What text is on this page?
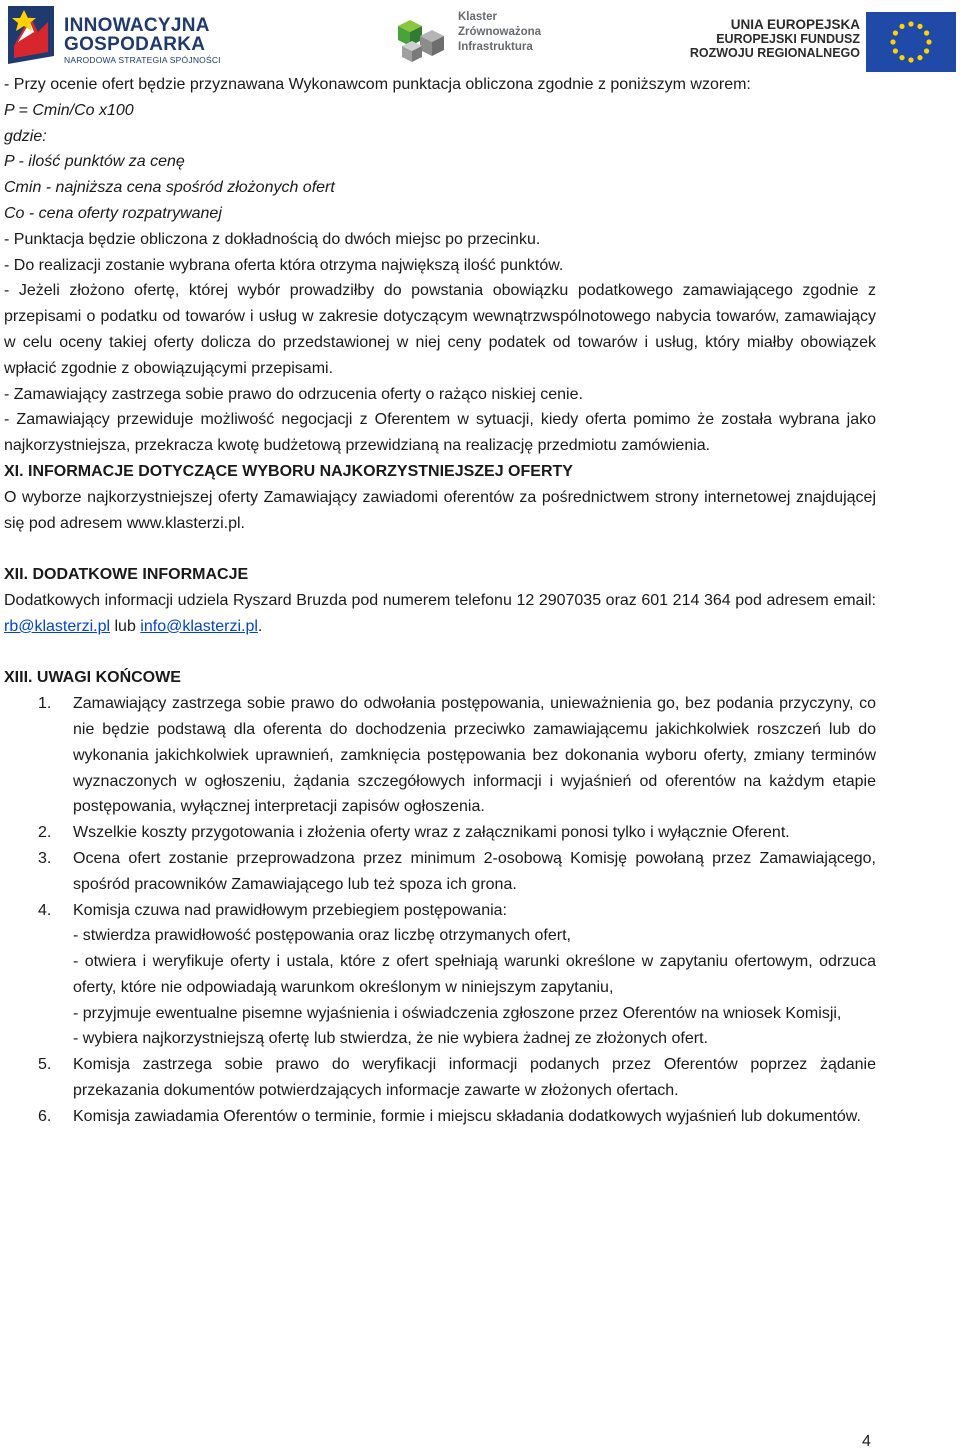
INNOWACYJNA
GOSPODARKA
NARODOWA STRATEGIA SPÓJNOŚCI
Klaster
Zrównoważona
Infrastruktura
UNIA EUROPEJSKA
EUROPEJSKI FUNDUSZ
ROZWOJU REGIONALNEGO

- Przy ocenie ofert będzie przyznawana Wykonawcom punktacja obliczona zgodnie z poniższym wzorem:

P = Cmin/Co x100

gdzie:

P - ilość punktów za cenę

Cmin - najniższa cena spośród złożonych ofert

Co - cena oferty rozpatrywanej

- Punktacja będzie obliczona z dokładnością do dwóch miejsc po przecinku.

- Do realizacji zostanie wybrana oferta która otrzyma największą ilość punktów.

- Jeżeli złożono ofertę, której wybór prowadziłby do powstania obowiązku podatkowego zamawiającego zgodnie z przepisami o podatku od towarów i usług w zakresie dotyczącym wewnątrzwspólnotowego nabycia towarów, zamawiający w celu oceny takiej oferty dolicza do przedstawionej w niej ceny podatek od towarów i usług, który miałby obowiązek wpłacić zgodnie z obowiązującymi przepisami.

- Zamawiający zastrzega sobie prawo do odrzucenia oferty o rażąco niskiej cenie.

- Zamawiający przewiduje możliwość negocjacji z Oferentem w sytuacji, kiedy oferta pomimo że została wybrana jako najkorzystniejsza, przekracza kwotę budżetową przewidzianą na realizację przedmiotu zamówienia.

XI. INFORMACJE DOTYCZĄCE WYBORU NAJKORZYSTNIEJSZEJ OFERTY

O wyborze najkorzystniejszej oferty Zamawiający zawiadomi oferentów za pośrednictwem strony internetowej znajdującej się pod adresem www.klasterzi.pl.

XII. DODATKOWE INFORMACJE

Dodatkowych informacji udziela Ryszard Bruzda pod numerem telefonu 12 2907035 oraz 601 214 364 pod adresem email: rb@klasterzi.pl lub info@klasterzi.pl.

XIII. UWAGI KOŃCOWE

1.	Zamawiający zastrzega sobie prawo do odwołania postępowania, unieważnienia go, bez podania przyczyny, co nie będzie podstawą dla oferenta do dochodzenia przeciwko zamawiającemu jakichkolwiek roszczeń lub do wykonania jakichkolwiek uprawnień, zamknięcia postępowania bez dokonania wyboru oferty, zmiany terminów wyznaczonych w ogłoszeniu, żądania szczegółowych informacji i wyjaśnień od oferentów na każdym etapie postępowania, wyłącznej interpretacji zapisów ogłoszenia.

2.	Wszelkie koszty przygotowania i złożenia oferty wraz z załącznikami ponosi tylko i wyłącznie Oferent.

3.	Ocena ofert zostanie przeprowadzona przez minimum 2-osobową Komisję powołaną przez Zamawiającego, spośród pracowników Zamawiającego lub też spoza ich grona.

4.	Komisja czuwa nad prawidłowym przebiegiem postępowania:

- stwierdza prawidłowość postępowania oraz liczbę otrzymanych ofert,

- otwiera i weryfikuje oferty i ustala, które z ofert spełniają warunki określone w zapytaniu ofertowym, odrzuca oferty, które nie odpowiadają warunkom określonym w niniejszym zapytaniu,

- przyjmuje ewentualne pisemne wyjaśnienia i oświadczenia zgłoszone przez Oferentów na wniosek Komisji,

- wybiera najkorzystniejszą ofertę lub stwierdza, że nie wybiera żadnej ze złożonych ofert.

5.	Komisja zastrzega sobie prawo do weryfikacji informacji podanych przez Oferentów poprzez żądanie przekazania dokumentów potwierdzających informacje zawarte w złożonych ofertach.

6.	Komisja zawiadamia Oferentów o terminie, formie i miejscu składania dodatkowych wyjaśnień lub dokumentów.

4
